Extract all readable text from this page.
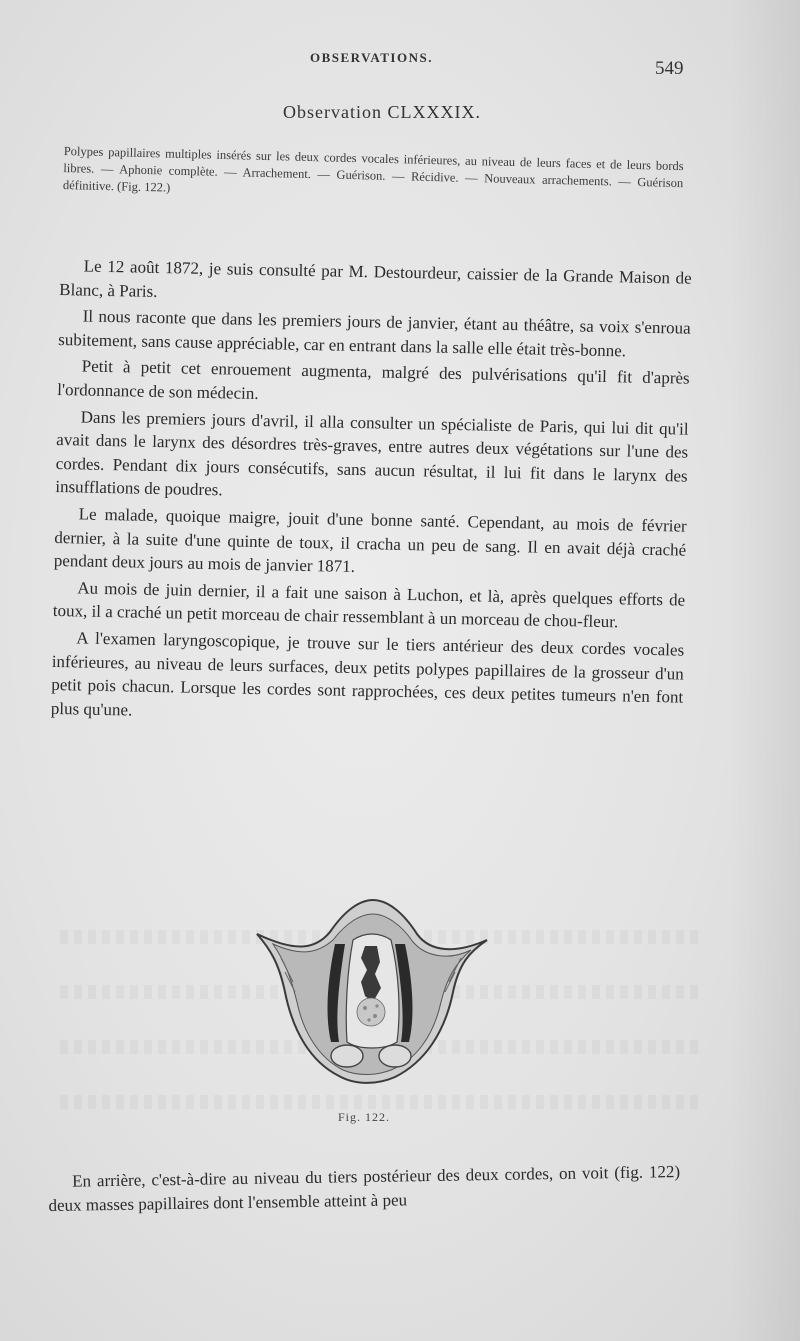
OBSERVATIONS.
549
Observation CLXXXIX.

Polypes papillaires multiples insérés sur les deux cordes vocales inférieures, au niveau de leurs faces et de leurs bords libres. — Aphonie complète. — Arrachement. — Guérison. — Récidive. — Nouveaux arrachements. — Guérison définitive. (Fig. 122.)

Le 12 août 1872, je suis consulté par M. Destourdeur, caissier de la Grande Maison de Blanc, à Paris.

Il nous raconte que dans les premiers jours de janvier, étant au théâtre, sa voix s'enroua subitement, sans cause appréciable, car en entrant dans la salle elle était très-bonne.

Petit à petit cet enrouement augmenta, malgré des pulvérisations qu'il fit d'après l'ordonnance de son médecin.

Dans les premiers jours d'avril, il alla consulter un spécialiste de Paris, qui lui dit qu'il avait dans le larynx des désordres très-graves, entre autres deux végétations sur l'une des cordes. Pendant dix jours consécutifs, sans aucun résultat, il lui fit dans le larynx des insufflations de poudres.

Le malade, quoique maigre, jouit d'une bonne santé. Cependant, au mois de février dernier, à la suite d'une quinte de toux, il cracha un peu de sang. Il en avait déjà craché pendant deux jours au mois de janvier 1871.

Au mois de juin dernier, il a fait une saison à Luchon, et là, après quelques efforts de toux, il a craché un petit morceau de chair ressemblant à un morceau de chou-fleur.

A l'examen laryngoscopique, je trouve sur le tiers antérieur des deux cordes vocales inférieures, au niveau de leurs surfaces, deux petits polypes papillaires de la grosseur d'un petit pois chacun. Lorsque les cordes sont rapprochées, ces deux petites tumeurs n'en font plus qu'une.

Fig. 122.

En arrière, c'est-à-dire au niveau du tiers postérieur des deux cordes, on voit (fig. 122) deux masses papillaires dont l'ensemble atteint à peu
